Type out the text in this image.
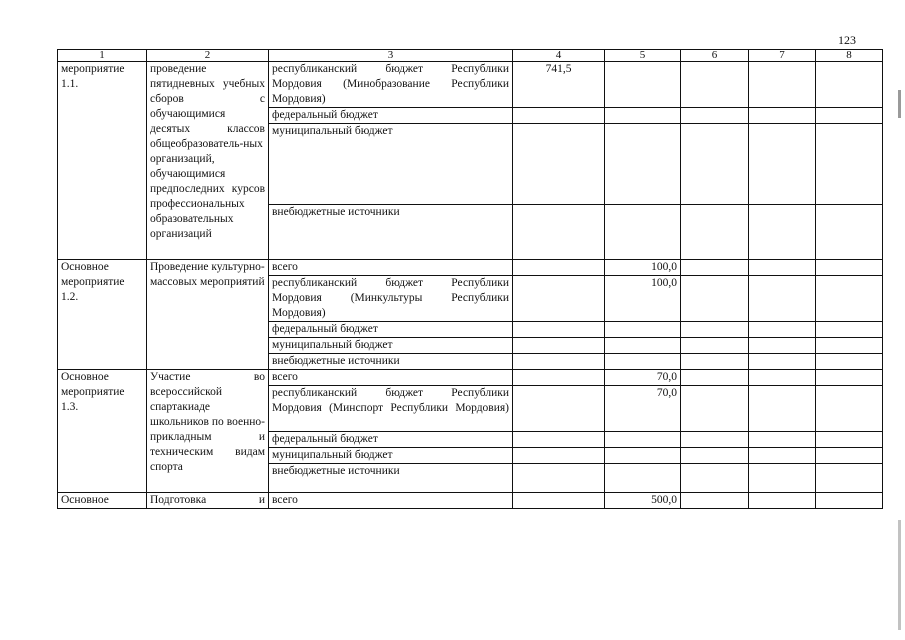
123
1	2	3	4	5	6	7	8
мероприятие 1.1.	проведение пятидневных учебных сборов с обучающимися десятых классов общеобразователь-ных организаций, обучающимися предпоследних курсов профессиональных образовательных организаций	республиканский бюджет Республики Мордовия (Минобразование Республики Мордовия)	741,5				
		федеральный бюджет					
		муниципальный бюджет					
		внебюджетные источники					
Основное мероприятие 1.2.	Проведение культурно-массовых мероприятий	всего		100,0			
		республиканский бюджет Республики Мордовия (Минкультуры Республики Мордовия)		100,0			
		федеральный бюджет					
		муниципальный бюджет					
		внебюджетные источники					
Основное мероприятие 1.3.	Участие во всероссийской спартакиаде школьников по военно-прикладным и техническим видам спорта	всего		70,0			
		республиканский бюджет Республики Мордовия (Минспорт Республики Мордовия)		70,0			
		федеральный бюджет					
		муниципальный бюджет					
		внебюджетные источники					
Основное	Подготовка и	всего		500,0			
